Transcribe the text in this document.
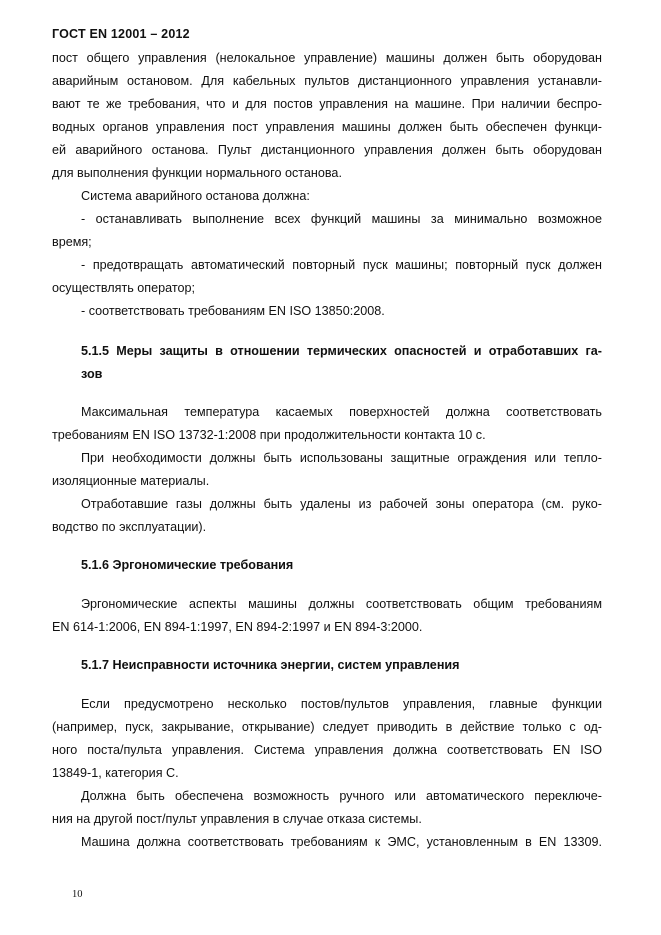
ГОСТ EN 12001 – 2012

пост общего управления (нелокальное управление) машины должен быть оборудован

аварийным остановом. Для кабельных пультов дистанционного управления устанавли-

вают те же требования, что и для постов управления на машине. При наличии беспро-

водных органов управления пост управления машины должен быть обеспечен функци-

ей аварийного останова. Пульт дистанционного управления должен быть оборудован

для выполнения функции нормального останова.

Система аварийного останова должна:

- останавливать выполнение всех функций машины за минимально возможное

время;

- предотвращать автоматический повторный пуск машины; повторный пуск должен

осуществлять оператор;

- соответствовать требованиям EN ISO 13850:2008.

5.1.5 Меры защиты в отношении термических опасностей и отработавших га-

зов

Максимальная температура касаемых поверхностей должна соответствовать

требованиям EN ISO 13732-1:2008 при продолжительности контакта 10 с.

При необходимости должны быть использованы защитные ограждения или тепло-

изоляционные материалы.

Отработавшие газы должны быть удалены из рабочей зоны оператора (см. руко-

водство по эксплуатации).

5.1.6 Эргономические требования

Эргономические аспекты машины должны соответствовать общим требованиям

EN 614-1:2006, EN 894-1:1997, EN 894-2:1997 и EN 894-3:2000.

5.1.7 Неисправности источника энергии, систем управления

Если предусмотрено несколько постов/пультов управления, главные функции

(например, пуск, закрывание, открывание) следует приводить в действие только с од-

ного поста/пульта управления. Система управления должна соответствовать EN ISO

13849-1, категория С.

Должна быть обеспечена возможность ручного или автоматического переключе-

ния на другой пост/пульт управления в случае отказа системы.

Машина должна соответствовать требованиям к ЭМС, установленным в EN 13309.

10
